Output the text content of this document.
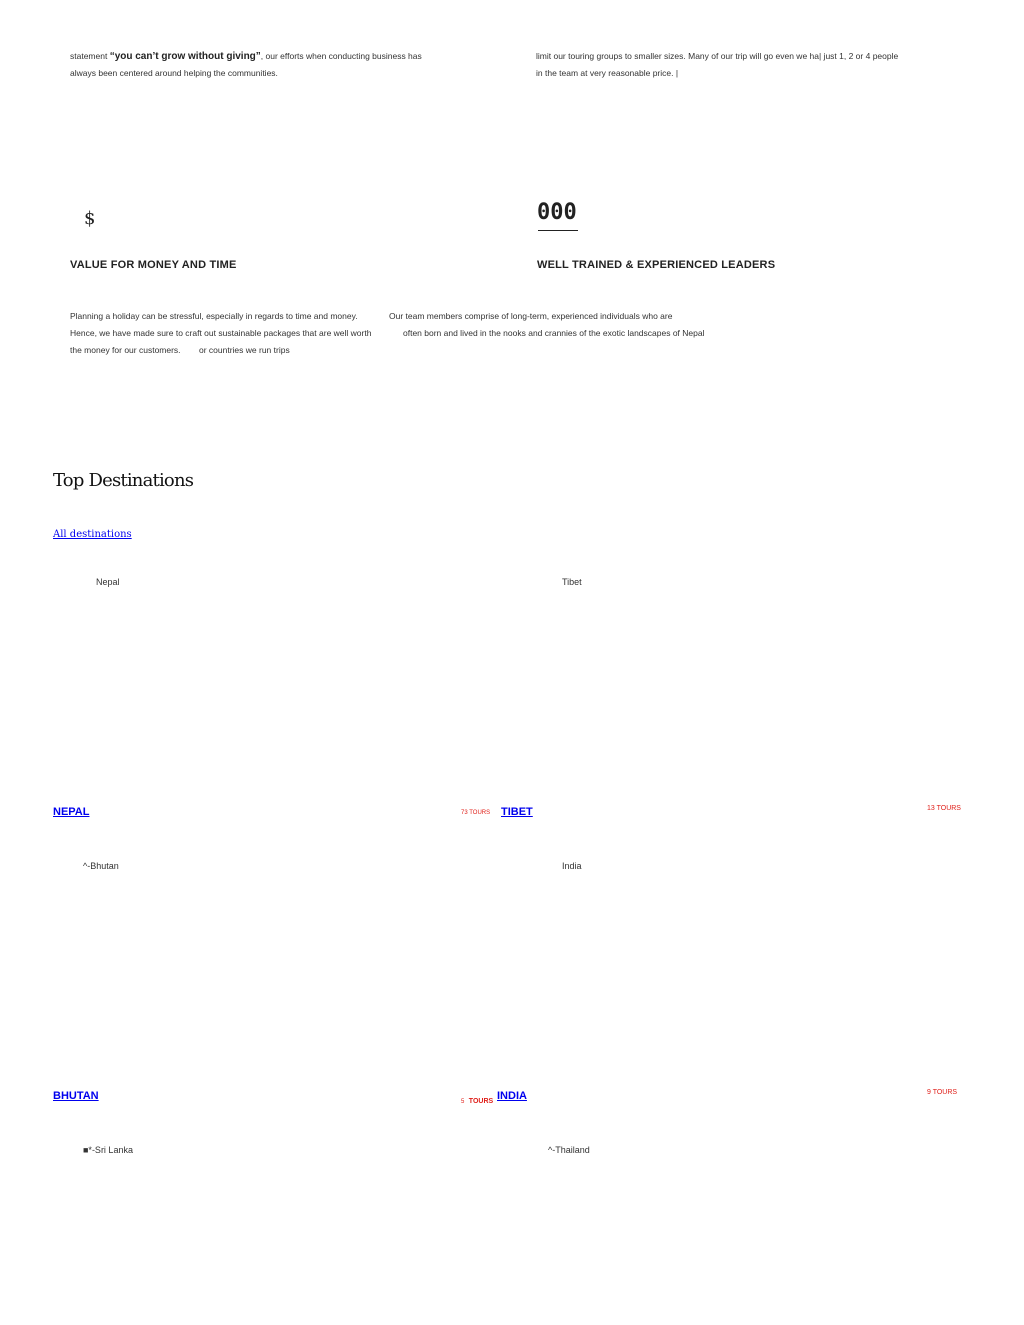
statement “you can’t grow without giving”, our efforts when conducting business has
always been centered around helping the communities.
limit our touring groups to smaller sizes. Many of our trip will go even we ha| just 1, 2 or 4 people
in the team at very reasonable price. |
$	000
VALUE FOR MONEY AND TIME	WELL TRAINED & EXPERIENCED LEADERS
Planning a holiday can be stressful, especially in regards to time and money.	Our team members comprise of long-term, experienced individuals who are
Hence, we have made sure to craft out sustainable packages that are well worth	often born and lived in the nooks and crannies of the exotic landscapes of Nepal
the money for our customers. or countries we run trips
Top Destinations
All destinations
Nepal	Tibet
NEPAL	73 TOURS TIBET	13 TOURS
^-Bhutan	India
BHUTAN	5 TOURS INDIA	9 TOURS
■*-Sri Lanka	^-Thailand
